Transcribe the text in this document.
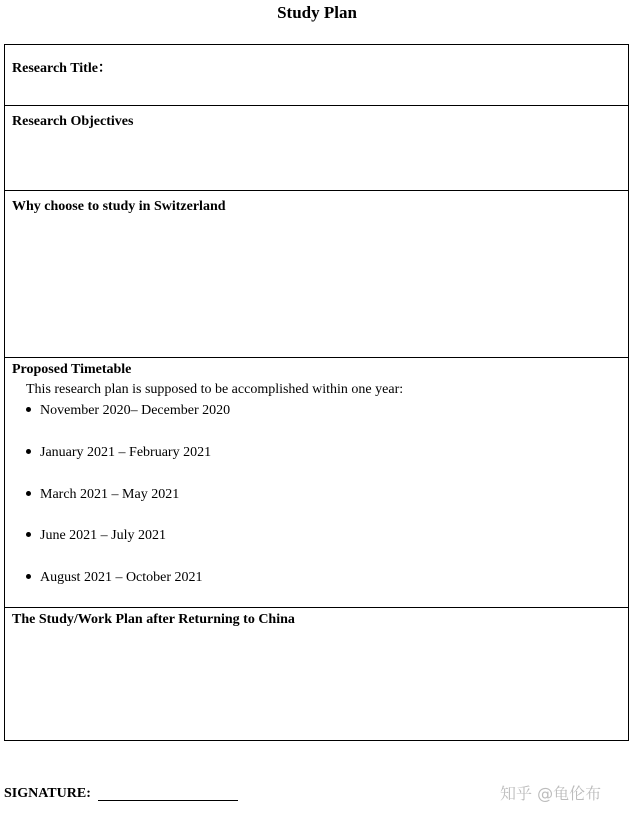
Study Plan
Research Title：
Research Objectives
Why choose to study in Switzerland
Proposed Timetable
This research plan is supposed to be accomplished within one year:
November 2020– December 2020
January 2021 – February 2021
March 2021 – May 2021
June 2021 – July 2021
August 2021 – October 2021
The Study/Work Plan after Returning to China
SIGNATURE:	知乎 @龟伦布
